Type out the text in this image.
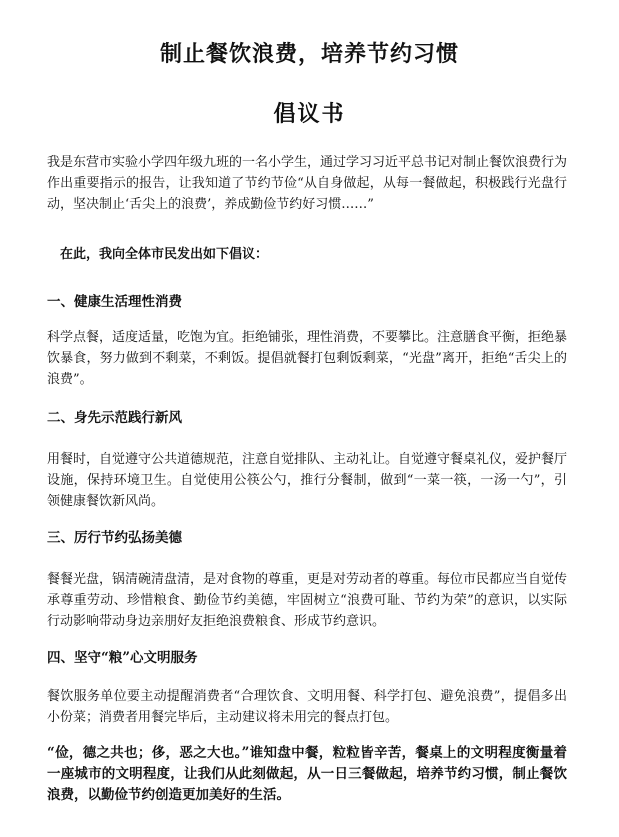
制止餐饮浪费，培养节约习惯
倡议书
我是东营市实验小学四年级九班的一名小学生，通过学习习近平总书记对制止餐饮浪费行为作出重要指示的报告，让我知道了节约节俭“从自身做起，从每一餐做起，积极践行光盘行动，坚决制止‘舌尖上的浪费’，养成勤俭节约好习惯……”
在此，我向全体市民发出如下倡议：
一、健康生活理性消费
科学点餐，适度适量，吃饱为宜。拒绝铺张，理性消费，不要攀比。注意膳食平衡，拒绝暴饮暴食，努力做到不剩菜，不剩饭。提倡就餐打包剩饭剩菜，“光盘”离开，拒绝“舌尖上的浪费”。
二、身先示范践行新风
用餐时，自觉遵守公共道德规范，注意自觉排队、主动礼让。自觉遵守餐桌礼仪，爱护餐厅设施，保持环境卫生。自觉使用公筷公勺，推行分餐制，做到“一菜一筷，一汤一勺”，引领健康餐饮新风尚。
三、厉行节约弘扬美德
餐餐光盘，锅清碗清盘清，是对食物的尊重，更是对劳动者的尊重。每位市民都应当自觉传承尊重劳动、珍惜粮食、勤俭节约美德，牢固树立“浪费可耻、节约为荣”的意识，以实际行动影响带动身边亲朋好友拒绝浪费粮食、形成节约意识。
四、坚守“粮”心文明服务
餐饮服务单位要主动提醒消费者“合理饮食、文明用餐、科学打包、避免浪费”，提倡多出小份菜；消费者用餐完毕后，主动建议将未用完的餐点打包。
“俭，德之共也；侈，恶之大也。”谁知盘中餐，粒粒皆辛苦，餐桌上的文明程度衡量着一座城市的文明程度，让我们从此刻做起，从一日三餐做起，培养节约习惯，制止餐饮浪费，以勤俭节约创造更加美好的生活。
